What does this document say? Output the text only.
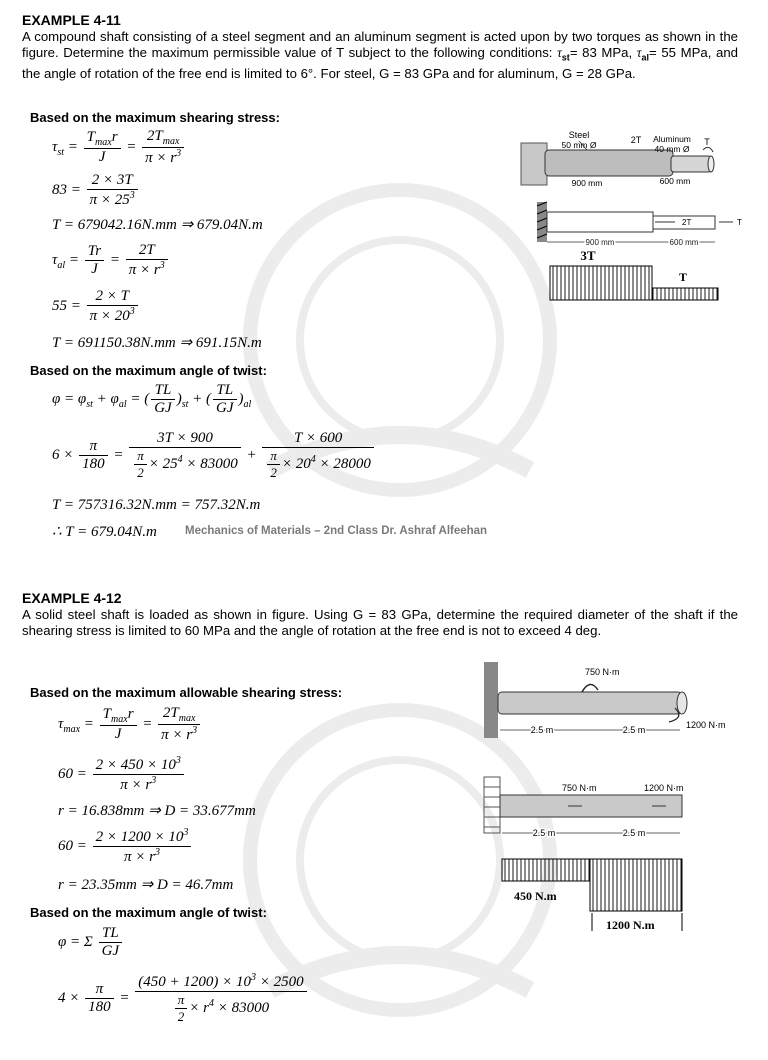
EXAMPLE 4-11
A compound shaft consisting of a steel segment and an aluminum segment is acted upon by two torques as shown in the figure. Determine the maximum permissible value of T subject to the following conditions: $\tau_{st}= 83$ MPa, $\tau_{al}= 55$ MPa, and the angle of rotation of the free end is limited to 6°. For steel, G = 83 GPa and for aluminum, G = 28 GPa.
Based on the maximum shearing stress:
$\tau_{st} = \frac{T_{max}r}{J} = \frac{2T_{max}}{\pi \times r^3}$
$83 = \frac{2 \times 3T}{\pi \times 25^3}$
T = 679042.16N.mm ⇒ 679.04N.m
$\tau_{al} = \frac{Tr}{J} = \frac{2T}{\pi \times r^3}$
$55 = \frac{2 \times T}{\pi \times 20^3}$
T = 691150.38N.mm ⇒ 691.15N.m
Based on the maximum angle of twist:
$\varphi = \varphi_{st} + \varphi_{al}$ = ( $\frac{TL}{GJ} )_{st}$ + ( $\frac{TL}{GJ} )_{al}$
$6 \times \frac{\pi}{180} = \frac{3T \times 900}{\frac{\pi}{2} \times 25^4 \times 83000} + \frac{T \times 600}{\frac{\pi}{2} \times 20^4 \times 28000}$
T = 757316.32N.mm = 757.32N.m
∴ T = 679.04N.m Mechanics of Materials – 2nd Class Dr. Ashraf Alfeehan
Steel
50 mm Ø	2T Aluminum
40 mm Ø
T
900 mm	600 mm
2T	T
900 mm	600 mm
3T
T
EXAMPLE 4-12
A solid steel shaft is loaded as shown in figure. Using G = 83 GPa, determine the required diameter of the shaft if the shearing stress is limited to 60 MPa and the angle of rotation at the free end is not to exceed 4 deg.
Based on the maximum allowable shearing stress:
$\tau_{max} = \frac{T_{max}r}{J} = \frac{2T_{max}}{\pi \times r^3}$
$60 = \frac{2 \times 450 \times 10^3}{\pi \times r^3}$
r = 16.838mm ⇒ D = 33.677mm
$60 = \frac{2 \times 1200 \times 10^3}{\pi \times r^3}$
r = 23.35mm ⇒ D = 46.7mm
Based on the maximum angle of twist:
φ = Σ $\frac{TL}{GJ}$
$4 \times \frac{\pi}{180} = \frac{(450 + 1200) \times 10^3 \times 2500}{\frac{\pi}{2} \times r^4 \times 83000}$
750 N·m
1200 N·m
2.5 m	2.5 m
750 N·m	1200 N·m
2.5 m	2.5 m
450 N.m
1200 N.m
